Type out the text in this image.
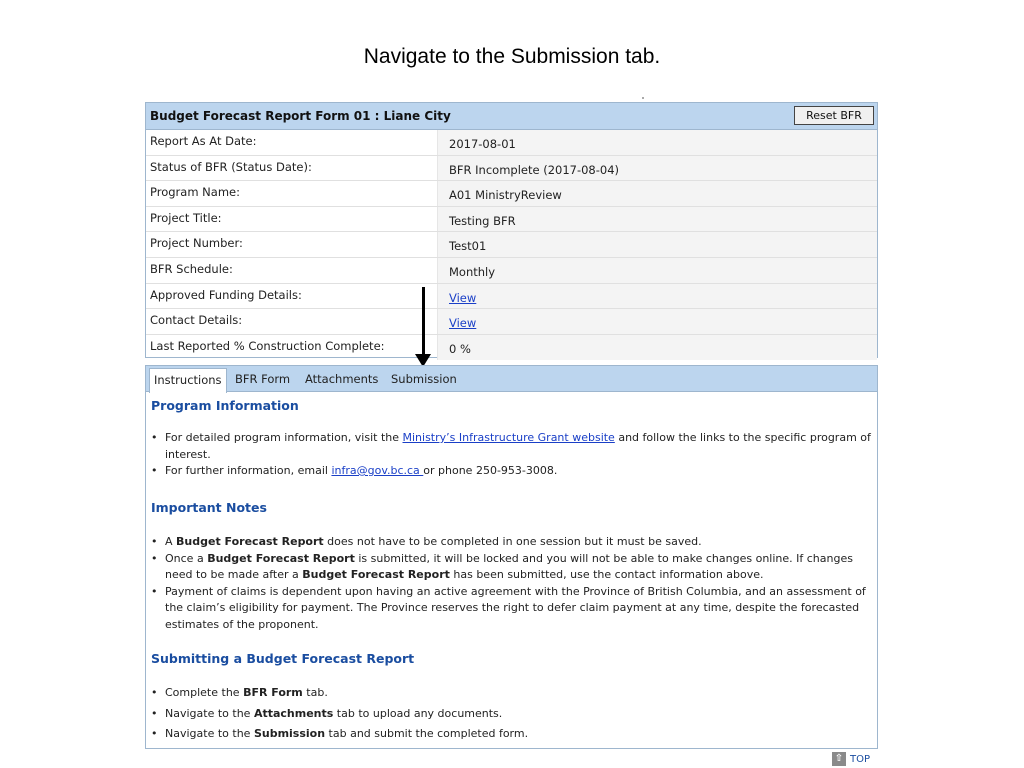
Navigate to the Submission tab.
Budget Forecast Report Form 01 : Liane City	Reset BFR
Report As At Date:	2017-08-01
Status of BFR (Status Date):	BFR Incomplete (2017-08-04)
Program Name:	A01 MinistryReview
Project Title:	Testing BFR
Project Number:	Test01
BFR Schedule:	Monthly
Approved Funding Details:	View
Contact Details:	View
Last Reported % Construction Complete:	0 %
Instructions	BFR Form Attachments Submission
Program Information
• For detailed program information, visit the Ministry’s Infrastructure Grant website and follow the links to the specific program of interest.
• For further information, email infra@gov.bc.ca or phone 250-953-3008.
Important Notes
• A Budget Forecast Report does not have to be completed in one session but it must be saved.
• Once a Budget Forecast Report is submitted, it will be locked and you will not be able to make changes online. If changes need to be made after a Budget Forecast Report has been submitted, use the contact information above.
• Payment of claims is dependent upon having an active agreement with the Province of British Columbia, and an assessment of the claim’s eligibility for payment. The Province reserves the right to defer claim payment at any time, despite the forecasted estimates of the proponent.
Submitting a Budget Forecast Report
• Complete the BFR Form tab.
• Navigate to the Attachments tab to upload any documents.
• Navigate to the Submission tab and submit the completed form.
⇧ TOP
